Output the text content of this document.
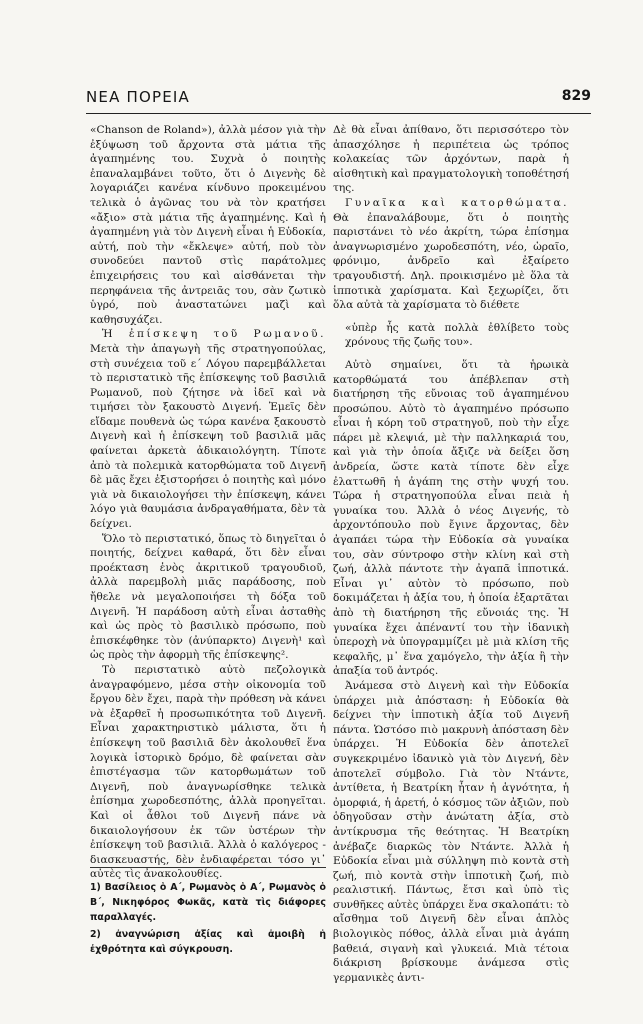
ΝΕΑ ΠΟΡΕΙΑ	829

«Chanson de Roland»), ἀλλὰ μέσον γιὰ τὴν ἐξύψωση τοῦ ἄρχοντα στὰ μάτια τῆς ἀγαπημένης του. Συχνὰ ὁ ποιητὴς ἐπαναλαμβάνει τοῦτο, ὅτι ὁ Διγενὴς δὲ λογαριάζει κανένα κίνδυνο προκειμένου τελικὰ ὁ ἀγῶνας του νὰ τὸν κρατήσει «ἄξιο» στὰ μάτια τῆς ἀγαπημένης. Καὶ ἡ ἀγαπημένη γιὰ τὸν Διγενὴ εἶναι ἡ Εὐδοκία, αὐτή, ποὺ τὴν «ἔκλεψε» αὐτή, ποὺ τὸν συνοδεύει παντοῦ στὶς παράτολμες ἐπιχειρήσεις του καὶ αἰσθάνεται τὴν περηφάνεια τῆς ἀντρειᾶς του, σὰν ζωτικὸ ὑγρό, ποὺ ἀναστατώνει μαζὶ καὶ καθησυχάζει.

Ἡ ἐπίσκεψη τοῦ Ρωμανοῦ. Μετὰ τὴν ἀπαγωγὴ τῆς στρατηγοπούλας, στὴ συνέχεια τοῦ ε΄ Λόγου παρεμβάλλεται τὸ περιστατικὸ τῆς ἐπίσκεψης τοῦ βασιλιᾶ Ρωμανοῦ, ποὺ ζήτησε νὰ ἰδεῖ καὶ νὰ τιμήσει τὸν ξακουστὸ Διγενή. Ἐμεῖς δὲν εἴδαμε πουθενὰ ὡς τώρα κανένα ξακουστὸ Διγενὴ καὶ ἡ ἐπίσκεψη τοῦ βασιλιᾶ μᾶς φαίνεται ἀρκετὰ ἀδικαιολόγητη. Τίποτε ἀπὸ τὰ πολεμικὰ κατορθώματα τοῦ Διγενῆ δὲ μᾶς ἔχει ἐξιστορήσει ὁ ποιητὴς καὶ μόνο γιὰ νὰ δικαιολογήσει τὴν ἐπίσκεψη, κάνει λόγο γιὰ θαυμάσια ἀνδραγαθήματα, δὲν τὰ δείχνει.

Ὅλο τὸ περιστατικό, ὅπως τὸ διηγεῖται ὁ ποιητής, δείχνει καθαρά, ὅτι δὲν εἶναι προέκταση ἑνὸς ἀκριτικοῦ τραγουδιοῦ, ἀλλὰ παρεμβολὴ μιᾶς παράδοσης, ποὺ ἤθελε νὰ μεγαλοποιήσει τὴ δόξα τοῦ Διγενῆ. Ἡ παράδοση αὐτὴ εἶναι ἀσταθὴς καὶ ὡς πρὸς τὸ βασιλικὸ πρόσωπο, ποὺ ἐπισκέφθηκε τὸν (ἀνύπαρκτο) Διγενὴ¹ καὶ ὡς πρὸς τὴν ἀφορμὴ τῆς ἐπίσκεψης².

Τὸ περιστατικὸ αὐτὸ πεζολογικὰ ἀναγραφόμενο, μέσα στὴν οἰκονομία τοῦ ἔργου δὲν ἔχει, παρὰ τὴν πρόθεση νὰ κάνει νὰ ἐξαρθεῖ ἡ προσωπικότητα τοῦ Διγενῆ. Εἶναι χαρακτηριστικὸ μάλιστα, ὅτι ἡ ἐπίσκεψη τοῦ βασιλιᾶ δὲν ἀκολουθεῖ ἕνα λογικὰ ἱστορικὸ δρόμο, δὲ φαίνεται σὰν ἐπιστέγασμα τῶν κατορθωμάτων τοῦ Διγενῆ, ποὺ ἀναγνωρίσθηκε τελικὰ ἐπίσημα χωροδεσπότης, ἀλλὰ προηγεῖται. Καὶ οἱ ἆθλοι τοῦ Διγενῆ πάνε νὰ δικαιολογήσουν ἐκ τῶν ὑστέρων τὴν ἐπίσκεψη τοῦ βασιλιᾶ. Ἀλλὰ ὁ καλόγερος - διασκευαστής, δὲν ἐνδιαφέρεται τόσο γι᾿ αὐτὲς τὶς ἀνακολουθίες.

Δὲ θὰ εἶναι ἀπίθανο, ὅτι περισσότερο τὸν ἀπασχόλησε ἡ περιπέτεια ὡς τρόπος κολακείας τῶν ἀρχόντων, παρὰ ἡ αἰσθητικὴ καὶ πραγματολογικὴ τοποθέτησή της.

Γυναῖκα καὶ κατορθώματα. Θὰ ἐπαναλάβουμε, ὅτι ὁ ποιητὴς παριστάνει τὸ νέο ἀκρίτη, τώρα ἐπίσημα ἀναγνωρισμένο χωροδεσπότη, νέο, ὡραῖο, φρόνιμο, ἀνδρεῖο καὶ ἐξαίρετο τραγουδιστή. Δηλ. προικισμένο μὲ ὅλα τὰ ἱπποτικὰ χαρίσματα. Καὶ ξεχωρίζει, ὅτι ὅλα αὐτὰ τὰ χαρίσματα τὸ διέθετε

«ὑπὲρ ἧς κατὰ πολλὰ ἐθλίβετο τοὺς χρόνους τῆς ζωῆς του».

Αὐτὸ σημαίνει, ὅτι τὰ ἡρωικὰ κατορθώματά του ἀπέβλεπαν στὴ διατήρηση τῆς εὔνοιας τοῦ ἀγαπημένου προσώπου. Αὐτὸ τὸ ἀγαπημένο πρόσωπο εἶναι ἡ κόρη τοῦ στρατηγοῦ, ποὺ τὴν εἶχε πάρει μὲ κλεψιά, μὲ τὴν παλληκαριά του, καὶ γιὰ τὴν ὁποία ἄξιζε νὰ δείξει ὅση ἀνδρεία, ὥστε κατὰ τίποτε δὲν εἶχε ἐλαττωθῆ ἡ ἀγάπη της στὴν ψυχή του. Τώρα ἡ στρατηγοπούλα εἶναι πειὰ ἡ γυναίκα του. Ἀλλὰ ὁ νέος Διγενής, τὸ ἀρχοντόπουλο ποὺ ἔγινε ἄρχοντας, δὲν ἀγαπάει τώρα τὴν Εὐδοκία σὰ γυναίκα του, σὰν σύντροφο στὴν κλίνη καὶ στὴ ζωή, ἀλλὰ πάντοτε τὴν ἀγαπᾶ ἱπποτικά. Εἶναι γι᾿ αὐτὸν τὸ πρόσωπο, ποὺ δοκιμάζεται ἡ ἀξία του, ἡ ὁποία ἐξαρτᾶται ἀπὸ τὴ διατήρηση τῆς εὔνοιάς της. Ἡ γυναίκα ἔχει ἀπέναντί του τὴν ἰδανικὴ ὑπεροχὴ νὰ ὑπογραμμίζει μὲ μιὰ κλίση τῆς κεφαλῆς, μ᾿ ἕνα χαμόγελο, τὴν ἀξία ἢ τὴν ἀπαξία τοῦ ἀντρός.

Ἀνάμεσα στὸ Διγενὴ καὶ τὴν Εὐδοκία ὑπάρχει μιὰ ἀπόσταση: ἡ Εὐδοκία θὰ δείχνει τὴν ἱπποτικὴ ἀξία τοῦ Διγενῆ πάντα. Ὡστόσο πιὸ μακρυνὴ ἀπόσταση δὲν ὑπάρχει. Ἡ Εὐδοκία δὲν ἀποτελεῖ συγκεκριμένο ἰδανικὸ γιὰ τὸν Διγενή, δὲν ἀποτελεῖ σύμβολο. Γιὰ τὸν Ντάντε, ἀντίθετα, ἡ Βεατρίκη ἦταν ἡ ἁγνότητα, ἡ ὀμορφιά, ἡ ἀρετή, ὁ κόσμος τῶν ἀξιῶν, ποὺ ὁδηγοῦσαν στὴν ἀνώτατη ἀξία, στὸ ἀντίκρυσμα τῆς θεότητας. Ἡ Βεατρίκη ἀνέβαζε διαρκῶς τὸν Ντάντε. Ἀλλὰ ἡ Εὐδοκία εἶναι μιὰ σύλληψη πιὸ κοντὰ στὴ ζωή, πιὸ κοντὰ στὴν ἱπποτικὴ ζωή, πιὸ ρεαλιστική. Πάντως, ἔτσι καὶ ὑπὸ τὶς συνθῆκες αὐτὲς ὑπάρχει ἕνα σκαλοπάτι: τὸ αἴσθημα τοῦ Διγενῆ δὲν εἶναι ἁπλὸς βιολογικὸς πόθος, ἀλλὰ εἶναι μιὰ ἀγάπη βαθειά, σιγανὴ καὶ γλυκειά. Μιὰ τέτοια διάκριση βρίσκουμε ἀνάμεσα στὶς γερμανικὲς ἀντι-

1) Βασίλειος ὁ Α΄, Ρωμανὸς ὁ Α΄, Ρωμανὸς ὁ Β΄, Νικηφόρος Φωκᾶς, κατὰ τὶς διάφορες παραλλαγές.

2) ἀναγνώριση ἀξίας καὶ ἀμοιβὴ ἡ ἐχθρότητα καὶ σύγκρουση.
